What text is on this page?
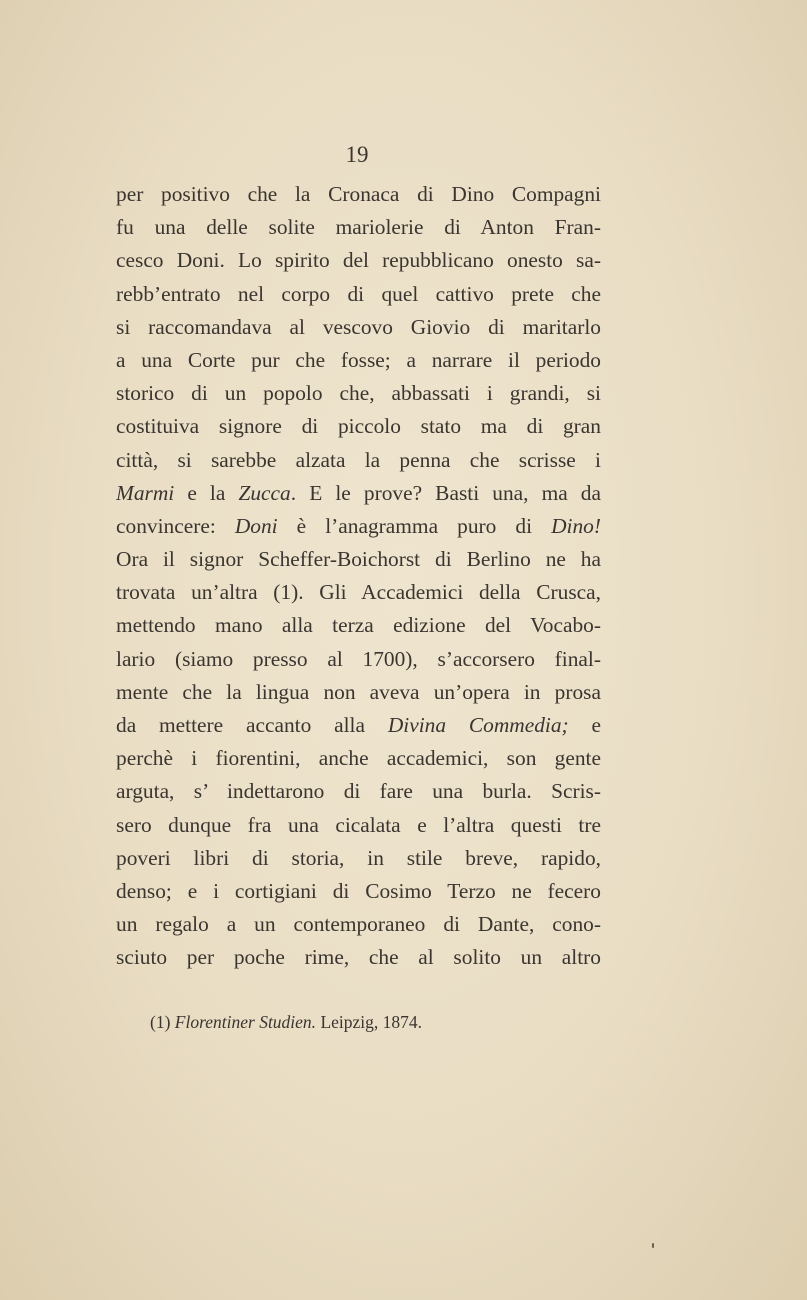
19
per positivo che la Cronaca di Dino Compagni
fu una delle solite mariolerie di Anton Fran-
cesco Doni. Lo spirito del repubblicano onesto sa-
rebb’entrato nel corpo di quel cattivo prete che
si raccomandava al vescovo Giovio di maritarlo
a una Corte pur che fosse; a narrare il periodo
storico di un popolo che, abbassati i grandi, si
costituiva signore di piccolo stato ma di gran
città, si sarebbe alzata la penna che scrisse i
Marmi e la Zucca. E le prove? Basti una, ma da
convincere: Doni è l’anagramma puro di Dino!
Ora il signor Scheffer-Boichorst di Berlino ne ha
trovata un’altra (1). Gli Accademici della Crusca,
mettendo mano alla terza edizione del Vocabo-
lario (siamo presso al 1700), s’accorsero final-
mente che la lingua non aveva un’opera in prosa
da mettere accanto alla Divina Commedia; e
perchè i fiorentini, anche accademici, son gente
arguta, s’ indettarono di fare una burla. Scris-
sero dunque fra una cicalata e l’altra questi tre
poveri libri di storia, in stile breve, rapido,
denso; e i cortigiani di Cosimo Terzo ne fecero
un regalo a un contemporaneo di Dante, cono-
sciuto per poche rime, che al solito un altro
(1) Florentiner Studien. Leipzig, 1874.
